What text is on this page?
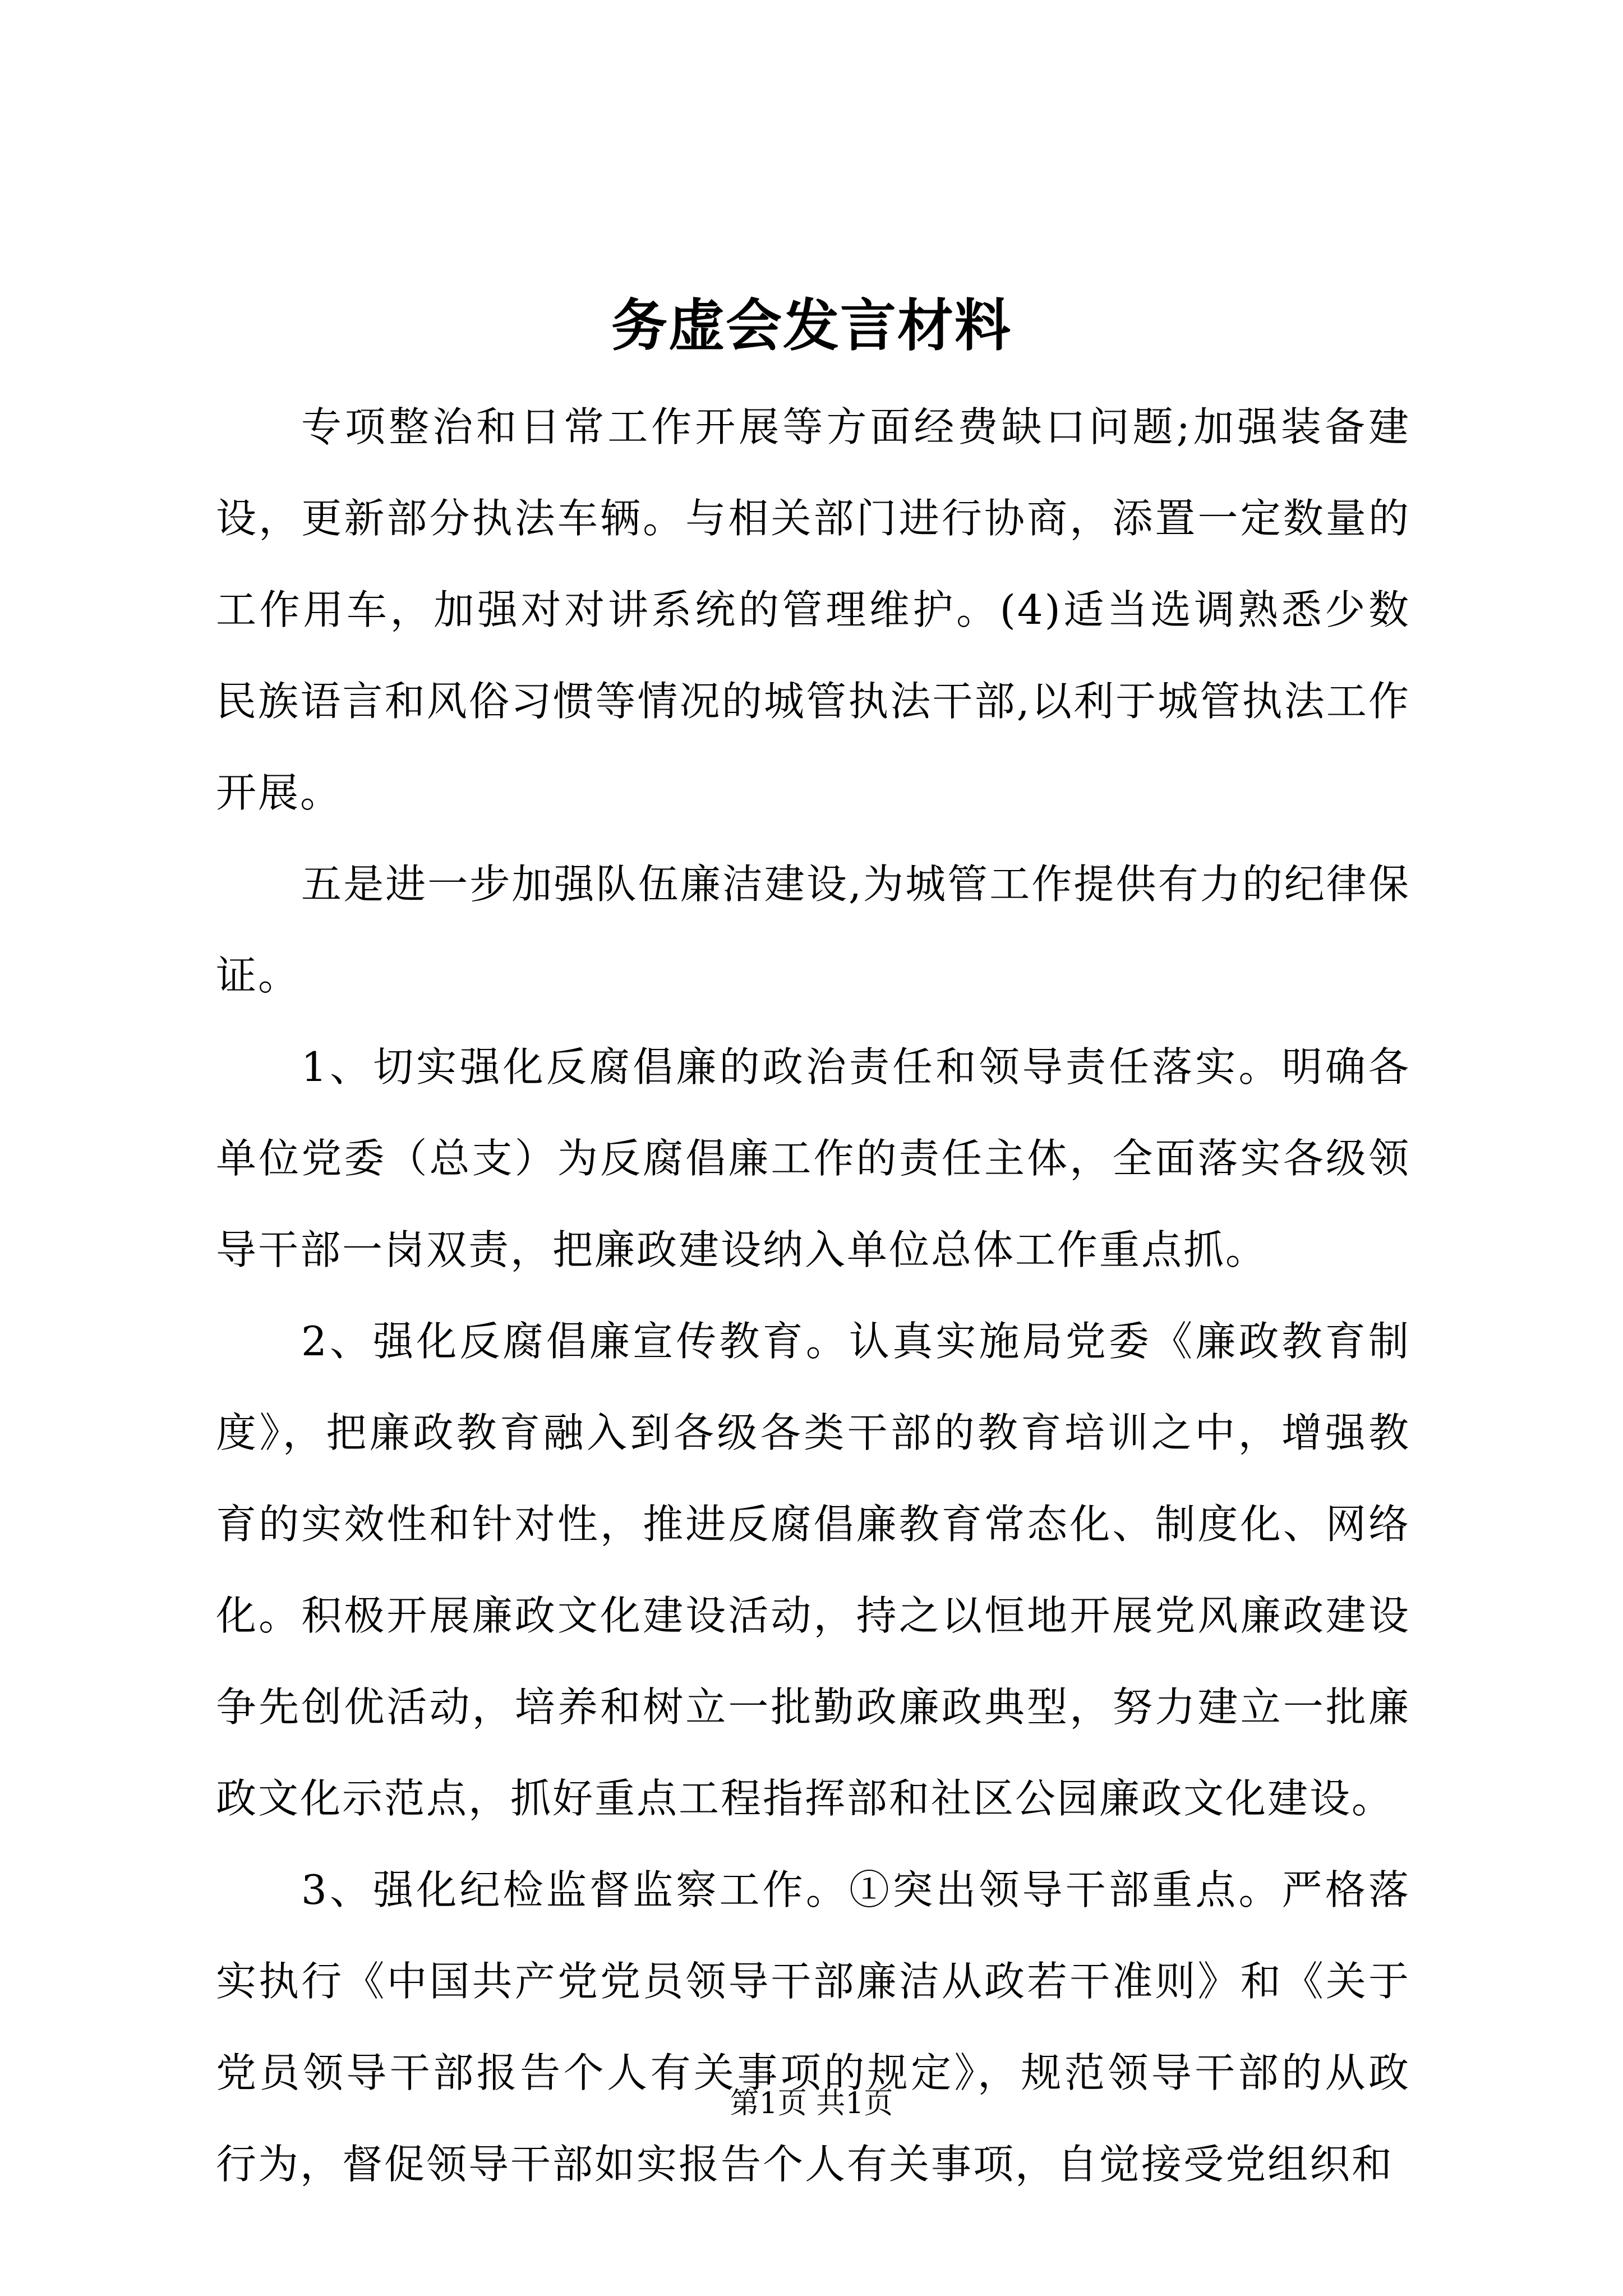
务虚会发言材料

专项整治和日常工作开展等方面经费缺口问题;加强装备建设，更新部分执法车辆。与相关部门进行协商，添置一定数量的工作用车，加强对对讲系统的管理维护。(4)适当选调熟悉少数民族语言和风俗习惯等情况的城管执法干部,以利于城管执法工作开展。

五是进一步加强队伍廉洁建设,为城管工作提供有力的纪律保证。

1、切实强化反腐倡廉的政治责任和领导责任落实。明确各单位党委（总支）为反腐倡廉工作的责任主体，全面落实各级领导干部一岗双责，把廉政建设纳入单位总体工作重点抓。

2、强化反腐倡廉宣传教育。认真实施局党委《廉政教育制度》，把廉政教育融入到各级各类干部的教育培训之中，增强教育的实效性和针对性，推进反腐倡廉教育常态化、制度化、网络化。积极开展廉政文化建设活动，持之以恒地开展党风廉政建设争先创优活动，培养和树立一批勤政廉政典型，努力建立一批廉政文化示范点，抓好重点工程指挥部和社区公园廉政文化建设。

3、强化纪检监督监察工作。①突出领导干部重点。严格落实执行《中国共产党党员领导干部廉洁从政若干准则》和《关于党员领导干部报告个人有关事项的规定》，规范领导干部的从政行为，督促领导干部如实报告个人有关事项，自觉接受党组织和

第1页 共1页
